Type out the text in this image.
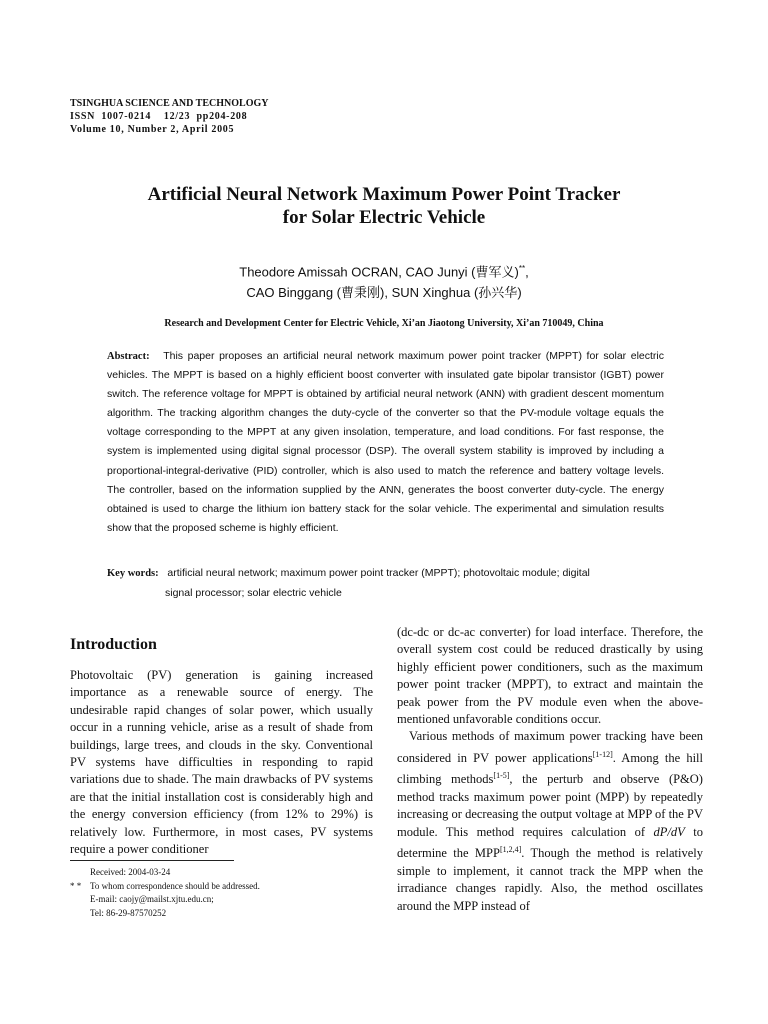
TSINGHUA SCIENCE AND TECHNOLOGY
ISSN  1007-0214    12/23  pp204-208
Volume 10, Number 2, April 2005
Artificial Neural Network Maximum Power Point Tracker
for Solar Electric Vehicle
Theodore Amissah OCRAN, CAO Junyi (曹军义)**,
CAO Binggang (曹秉刚), SUN Xinghua (孙兴华)
Research and Development Center for Electric Vehicle, Xi’an Jiaotong University, Xi’an 710049, China
Abstract: This paper proposes an artificial neural network maximum power point tracker (MPPT) for solar electric vehicles. The MPPT is based on a highly efficient boost converter with insulated gate bipolar transistor (IGBT) power switch. The reference voltage for MPPT is obtained by artificial neural network (ANN) with gradient descent momentum algorithm. The tracking algorithm changes the duty-cycle of the converter so that the PV-module voltage equals the voltage corresponding to the MPPT at any given insolation, temperature, and load conditions. For fast response, the system is implemented using digital signal processor (DSP). The overall system stability is improved by including a proportional-integral-derivative (PID) controller, which is also used to match the reference and battery voltage levels. The controller, based on the information supplied by the ANN, generates the boost converter duty-cycle. The energy obtained is used to charge the lithium ion battery stack for the solar vehicle. The experimental and simulation results show that the proposed scheme is highly efficient.
Key words: artificial neural network; maximum power point tracker (MPPT); photovoltaic module; digital
signal processor; solar electric vehicle
Introduction

Photovoltaic (PV) generation is gaining increased importance as a renewable source of energy. The undesirable rapid changes of solar power, which usually occur in a running vehicle, arise as a result of shade from buildings, large trees, and clouds in the sky. Conventional PV systems have difficulties in responding to rapid variations due to shade. The main drawbacks of PV systems are that the initial installation cost is considerably high and the energy conversion efficiency (from 12% to 29%) is relatively low. Furthermore, in most cases, PV systems require a power conditioner

(dc-dc or dc-ac converter) for load interface. Therefore, the overall system cost could be reduced drastically by using highly efficient power conditioners, such as the maximum power point tracker (MPPT), to extract and maintain the peak power from the PV module even when the above-mentioned unfavorable conditions occur.

Various methods of maximum power tracking have been considered in PV power applications[1-12]. Among the hill climbing methods[1-5], the perturb and observe (P&O) method tracks maximum power point (MPP) by repeatedly increasing or decreasing the output voltage at MPP of the PV module. This method requires calculation of dP/dV to determine the MPP[1,2,4]. Though the method is relatively simple to implement, it cannot track the MPP when the irradiance changes rapidly. Also, the method oscillates around the MPP instead of

Received: 2004-03-24
* * To whom correspondence should be addressed.
E-mail: caojy@mailst.xjtu.edu.cn;
Tel: 86-29-87570252
